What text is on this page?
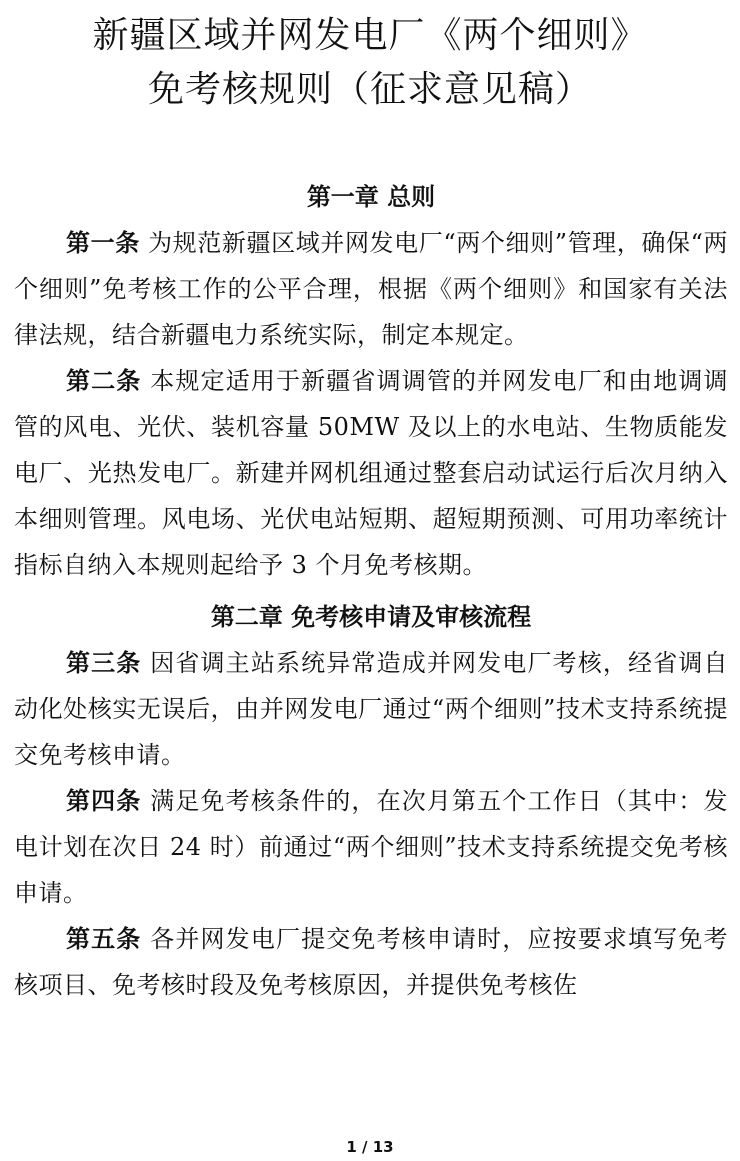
新疆区域并网发电厂《两个细则》
免考核规则（征求意见稿）
第一章 总则

第一条 为规范新疆区域并网发电厂“两个细则”管理，确保“两个细则”免考核工作的公平合理，根据《两个细则》和国家有关法律法规，结合新疆电力系统实际，制定本规定。

第二条 本规定适用于新疆省调调管的并网发电厂和由地调调管的风电、光伏、装机容量 50MW 及以上的水电站、生物质能发电厂、光热发电厂。新建并网机组通过整套启动试运行后次月纳入本细则管理。风电场、光伏电站短期、超短期预测、可用功率统计指标自纳入本规则起给予 3 个月免考核期。

第二章 免考核申请及审核流程

第三条 因省调主站系统异常造成并网发电厂考核，经省调自动化处核实无误后，由并网发电厂通过“两个细则”技术支持系统提交免考核申请。

第四条 满足免考核条件的，在次月第五个工作日（其中：发电计划在次日 24 时）前通过“两个细则”技术支持系统提交免考核申请。

第五条 各并网发电厂提交免考核申请时，应按要求填写免考核项目、免考核时段及免考核原因，并提供免考核佐

1 / 13
